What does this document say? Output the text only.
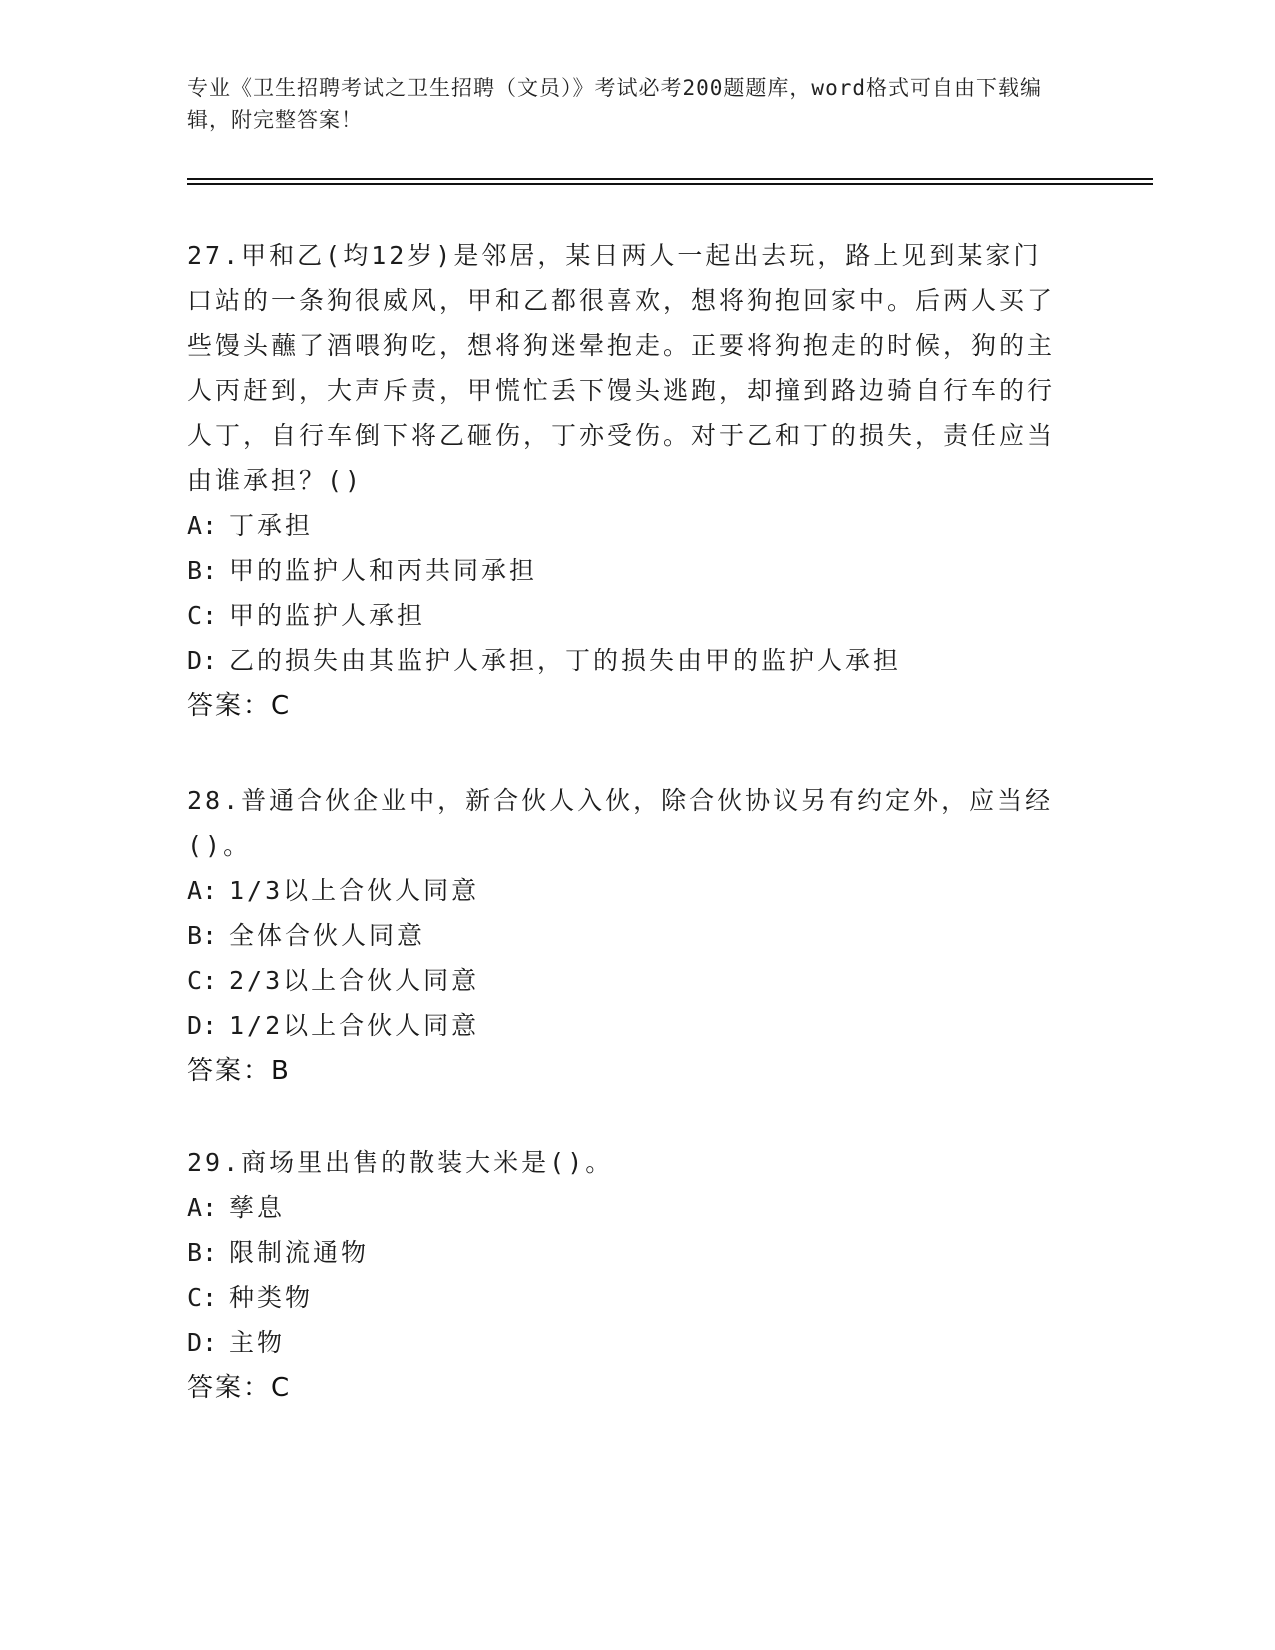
专业《卫生招聘考试之卫生招聘（文员）》考试必考200题题库，word格式可自由下载编辑，附完整答案！

27.甲和乙(均12岁)是邻居，某日两人一起出去玩，路上见到某家门口站的一条狗很威风，甲和乙都很喜欢，想将狗抱回家中。后两人买了些馒头蘸了酒喂狗吃，想将狗迷晕抱走。正要将狗抱走的时候，狗的主人丙赶到，大声斥责，甲慌忙丢下馒头逃跑，却撞到路边骑自行车的行人丁，自行车倒下将乙砸伤，丁亦受伤。对于乙和丁的损失，责任应当由谁承担？()

A: 丁承担

B: 甲的监护人和丙共同承担

C: 甲的监护人承担

D: 乙的损失由其监护人承担，丁的损失由甲的监护人承担

答案：C

28.普通合伙企业中，新合伙人入伙，除合伙协议另有约定外，应当经()。

A: 1/3以上合伙人同意

B: 全体合伙人同意

C: 2/3以上合伙人同意

D: 1/2以上合伙人同意

答案：B

29.商场里出售的散装大米是()。

A: 孳息

B: 限制流通物

C: 种类物

D: 主物

答案：C
